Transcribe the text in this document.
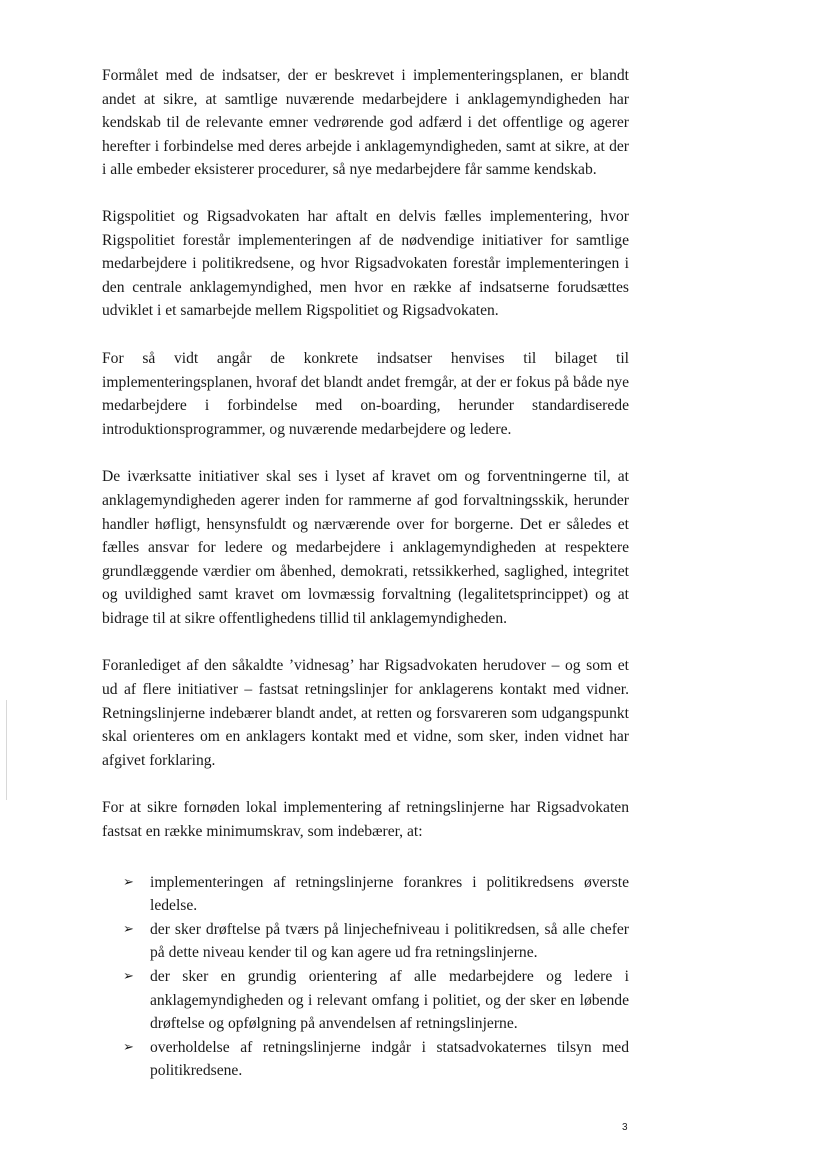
Formålet med de indsatser, der er beskrevet i implementeringsplanen, er blandt andet at sikre, at samtlige nuværende medarbejdere i anklagemyndigheden har kendskab til de relevante emner vedrørende god adfærd i det offentlige og agerer herefter i forbindelse med deres arbejde i anklagemyndigheden, samt at sikre, at der i alle embeder eksisterer procedurer, så nye medarbejdere får samme kendskab.

Rigspolitiet og Rigsadvokaten har aftalt en delvis fælles implementering, hvor Rigspolitiet forestår implementeringen af de nødvendige initiativer for samtlige medarbejdere i politikredsene, og hvor Rigsadvokaten forestår implementeringen i den centrale anklagemyndighed, men hvor en række af indsatserne forudsættes udviklet i et samarbejde mellem Rigspolitiet og Rigsadvokaten.

For så vidt angår de konkrete indsatser henvises til bilaget til implementeringsplanen, hvoraf det blandt andet fremgår, at der er fokus på både nye medarbejdere i forbindelse med on-boarding, herunder standardiserede introduktionsprogrammer, og nuværende medarbejdere og ledere.

De iværksatte initiativer skal ses i lyset af kravet om og forventningerne til, at anklagemyndigheden agerer inden for rammerne af god forvaltningsskik, herunder handler høfligt, hensynsfuldt og nærværende over for borgerne. Det er således et fælles ansvar for ledere og medarbejdere i anklagemyndigheden at respektere grundlæggende værdier om åbenhed, demokrati, retssikkerhed, saglighed, integritet og uvildighed samt kravet om lovmæssig forvaltning (legalitetsprincippet) og at bidrage til at sikre offentlighedens tillid til anklagemyndigheden.

Foranlediget af den såkaldte ’vidnesag’ har Rigsadvokaten herudover – og som et ud af flere initiativer – fastsat retningslinjer for anklagerens kontakt med vidner. Retningslinjerne indebærer blandt andet, at retten og forsvareren som udgangspunkt skal orienteres om en anklagers kontakt med et vidne, som sker, inden vidnet har afgivet forklaring.

For at sikre fornøden lokal implementering af retningslinjerne har Rigsadvokaten fastsat en række minimumskrav, som indebærer, at:

➢ implementeringen af retningslinjerne forankres i politikredsens øverste ledelse.
➢ der sker drøftelse på tværs på linjechefniveau i politikredsen, så alle chefer på dette niveau kender til og kan agere ud fra retningslinjerne.
➢ der sker en grundig orientering af alle medarbejdere og ledere i anklagemyndigheden og i relevant omfang i politiet, og der sker en løbende drøftelse og opfølgning på anvendelsen af retningslinjerne.
➢ overholdelse af retningslinjerne indgår i statsadvokaternes tilsyn med politikredsene.
3
